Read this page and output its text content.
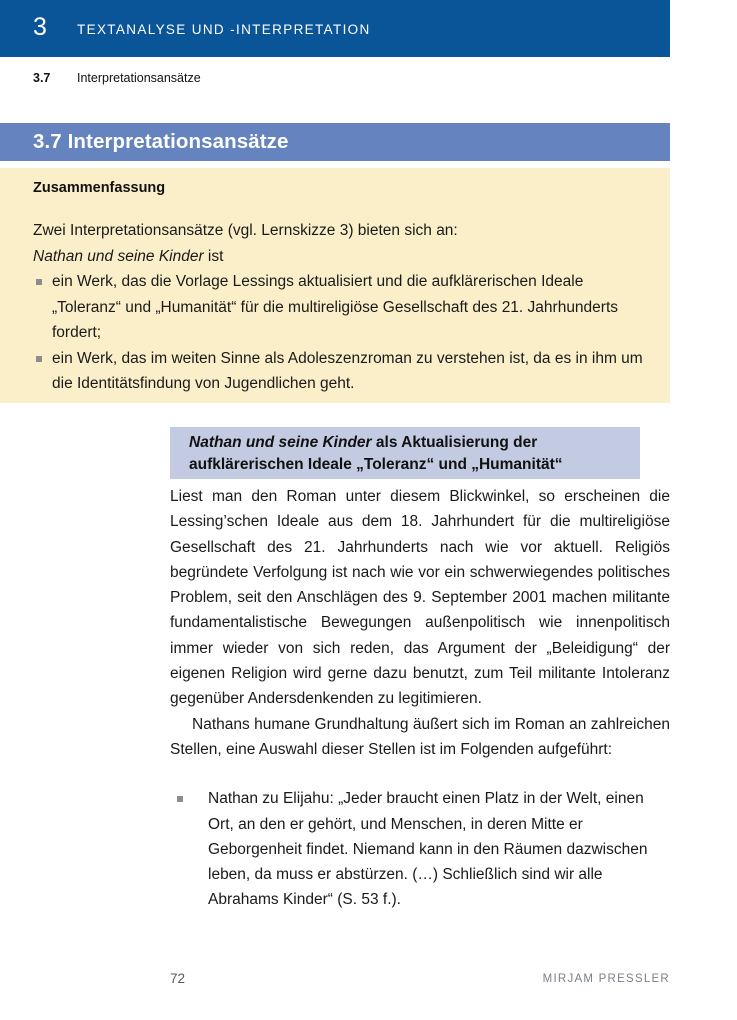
3 TEXTANALYSE UND -INTERPRETATION
3.7 Interpretationsansätze
3.7 Interpretationsansätze
Zusammenfassung
Zwei Interpretationsansätze (vgl. Lernskizze 3) bieten sich an:
Nathan und seine Kinder ist
ein Werk, das die Vorlage Lessings aktualisiert und die aufklärerischen Ideale „Toleranz“ und „Humanität“ für die multireligiöse Gesellschaft des 21. Jahrhunderts fordert;
ein Werk, das im weiten Sinne als Adoleszenzroman zu verstehen ist, da es in ihm um die Identitätsfindung von Jugendlichen geht.
Nathan und seine Kinder als Aktualisierung der aufklärerischen Ideale „Toleranz“ und „Humanität“

Liest man den Roman unter diesem Blickwinkel, so erscheinen die Lessing’schen Ideale aus dem 18. Jahrhundert für die multireligiöse Gesellschaft des 21. Jahrhunderts nach wie vor aktuell. Religiös begründete Verfolgung ist nach wie vor ein schwerwiegendes politisches Problem, seit den Anschlägen des 9. September 2001 machen militante fundamentalistische Bewegungen außenpolitisch wie innenpolitisch immer wieder von sich reden, das Argument der „Beleidigung“ der eigenen Religion wird gerne dazu benutzt, zum Teil militante Intoleranz gegenüber Andersdenkenden zu legitimieren.

Nathans humane Grundhaltung äußert sich im Roman an zahlreichen Stellen, eine Auswahl dieser Stellen ist im Folgenden aufgeführt:

Nathan zu Elijahu: „Jeder braucht einen Platz in der Welt, einen Ort, an den er gehört, und Menschen, in deren Mitte er Geborgenheit findet. Niemand kann in den Räumen dazwischen leben, da muss er abstürzen. (…) Schließlich sind wir alle Abrahams Kinder“ (S. 53 f.).
72	MIRJAM PRESSLER
